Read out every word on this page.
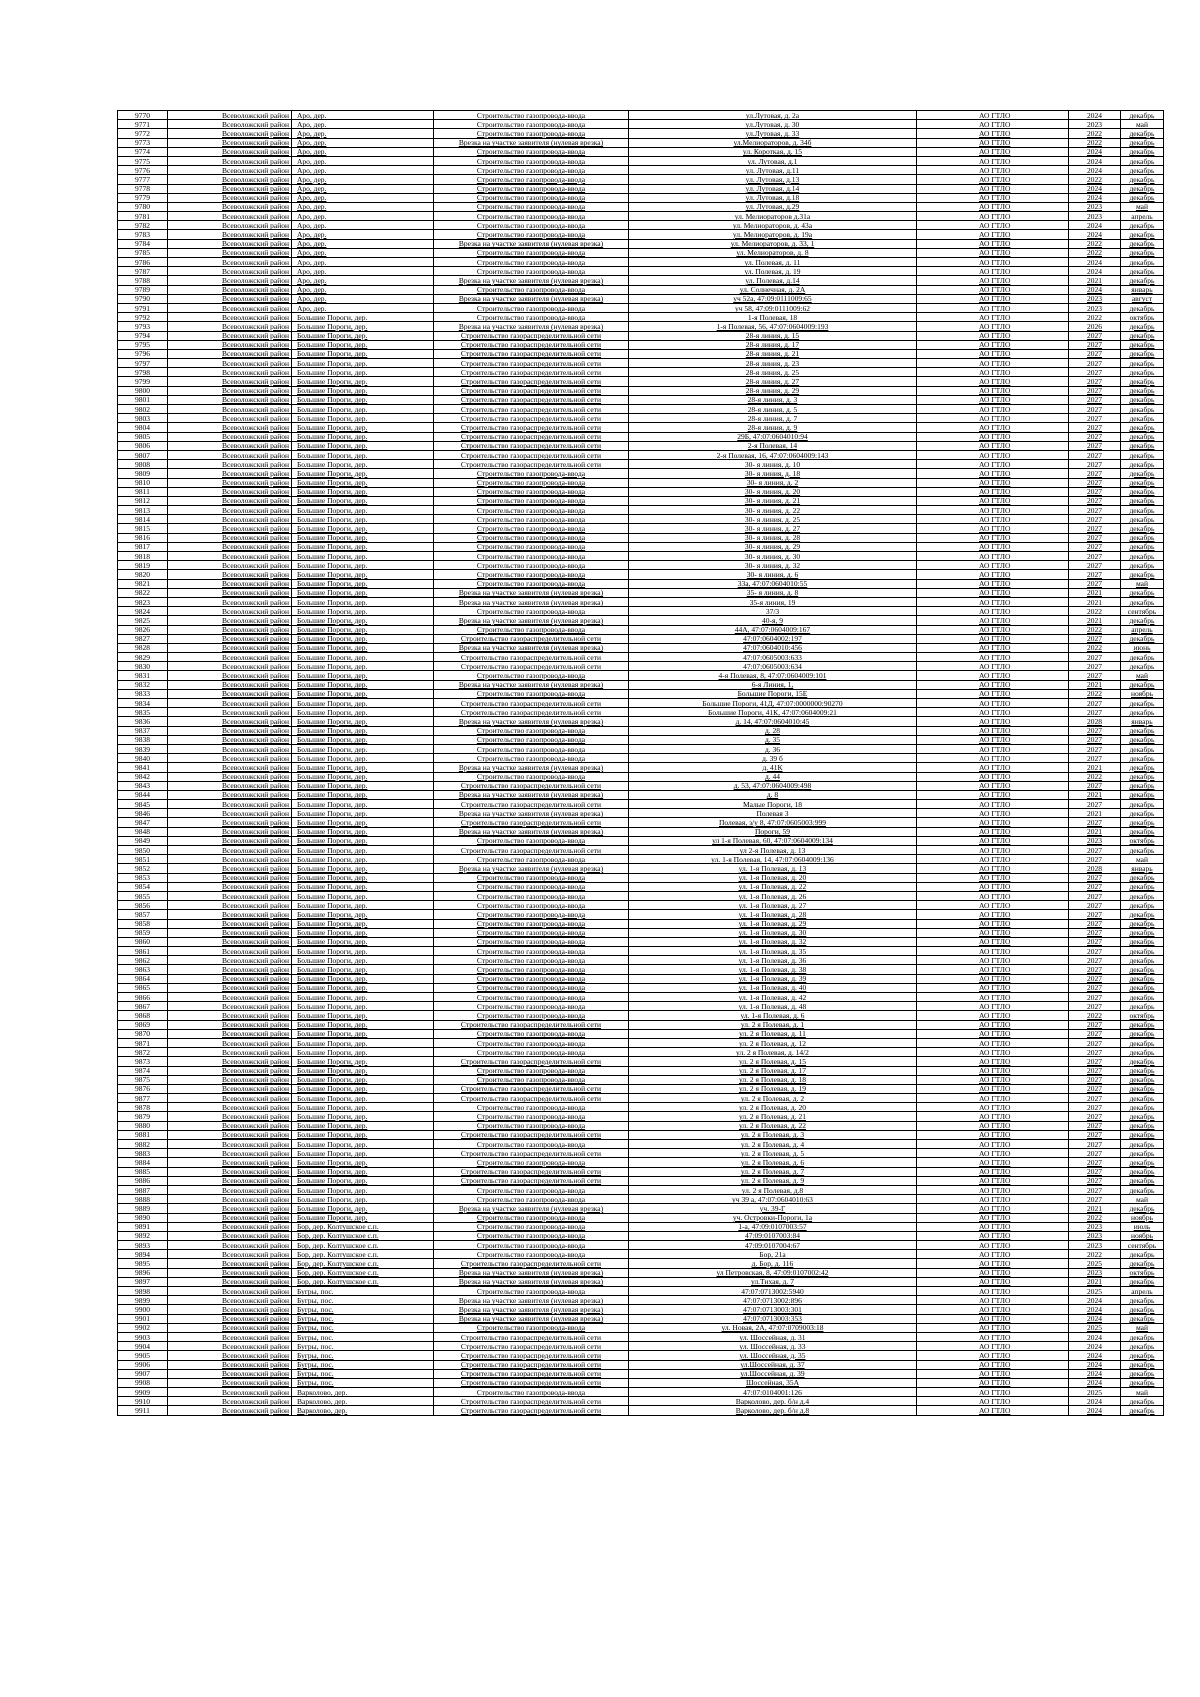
9770	Всеволожский район	Аро, дер.	Строительство газопровода-ввода	ул.Лутовая, д. 2а	АО ГТЛО	2024	декабрь
9771	Всеволожский район	Аро, дер.	Строительство газопровода-ввода	ул.Лутовая, д. 30	АО ГТЛО	2023	май
9772	Всеволожский район	Аро, дер.	Строительство газопровода-ввода	ул.Лутовая, д. 33	АО ГТЛО	2022	декабрь
9773	Всеволожский район	Аро, дер.	Врезка на участке заявителя (нулевая врезка)	ул.Мелиораторов, д. 34б	АО ГТЛО	2022	декабрь
9774	Всеволожский район	Аро, дер.	Строительство газопровода-ввода	ул. Короткая, д. 15	АО ГТЛО	2024	декабрь
9775	Всеволожский район	Аро, дер.	Строительство газопровода-ввода	ул. Лутовая, д.1	АО ГТЛО	2024	декабрь
9776	Всеволожский район	Аро, дер.	Строительство газопровода-ввода	ул. Лутовая, д.11	АО ГТЛО	2024	декабрь
9777	Всеволожский район	Аро, дер.	Строительство газопровода-ввода	ул. Лутовая, д.13	АО ГТЛО	2022	декабрь
9778	Всеволожский район	Аро, дер.	Строительство газопровода-ввода	ул. Лутовая, д.14	АО ГТЛО	2024	декабрь
9779	Всеволожский район	Аро, дер.	Строительство газопровода-ввода	ул. Лутовая, д.18	АО ГТЛО	2024	декабрь
9780	Всеволожский район	Аро, дер.	Строительство газопровода-ввода	ул. Лутовая, д.29	АО ГТЛО	2023	май
9781	Всеволожский район	Аро, дер.	Строительство газопровода-ввода	ул. Мелиораторов д.31а	АО ГТЛО	2023	апрель
9782	Всеволожский район	Аро, дер.	Строительство газопровода-ввода	ул. Мелиораторов, д. 43а	АО ГТЛО	2024	декабрь
9783	Всеволожский район	Аро, дер.	Строительство газопровода-ввода	ул. Мелиораторов, д. 19а	АО ГТЛО	2024	декабрь
9784	Всеволожский район	Аро, дер.	Врезка на участке заявителя (нулевая врезка)	ул. Мелиораторов, д. 33, 1	АО ГТЛО	2022	декабрь
9785	Всеволожский район	Аро, дер.	Строительство газопровода-ввода	ул. Мелиораторов, д. 8	АО ГТЛО	2022	декабрь
9786	Всеволожский район	Аро, дер.	Строительство газопровода-ввода	ул. Полевая, д. 11	АО ГТЛО	2024	декабрь
9787	Всеволожский район	Аро, дер.	Строительство газопровода-ввода	ул. Полевая, д. 19	АО ГТЛО	2024	декабрь
9788	Всеволожский район	Аро, дер.	Врезка на участке заявителя (нулевая врезка)	ул. Полевая, д.14	АО ГТЛО	2021	декабрь
9789	Всеволожский район	Аро, дер.	Строительство газопровода-ввода	ул. Солнечная, д. 2А	АО ГТЛО	2024	январь
9790	Всеволожский район	Аро, дер.	Врезка на участке заявителя (нулевая врезка)	уч 52а, 47:09:0111009:65	АО ГТЛО	2023	август
9791	Всеволожский район	Аро, дер.	Строительство газопровода-ввода	уч 58, 47:09:0111009:62	АО ГТЛО	2023	декабрь
9792	Всеволожский район	Большие Пороги, дер.	Строительство газопровода-ввода	1-я Полевая, 18	АО ГТЛО	2022	октябрь
9793	Всеволожский район	Большие Пороги, дер.	Врезка на участке заявителя (нулевая врезка)	1-я Полевая, 56, 47:07:0604009:193	АО ГТЛО	2026	декабрь
9794	Всеволожский район	Большие Пороги, дер.	Строительство газораспределительной сети	28-я линия, д. 15	АО ГТЛО	2027	декабрь
9795	Всеволожский район	Большие Пороги, дер.	Строительство газораспределительной сети	28-я линия, д. 17	АО ГТЛО	2027	декабрь
9796	Всеволожский район	Большие Пороги, дер.	Строительство газораспределительной сети	28-я линия, д. 21	АО ГТЛО	2027	декабрь
9797	Всеволожский район	Большие Пороги, дер.	Строительство газораспределительной сети	28-я линия, д. 23	АО ГТЛО	2027	декабрь
9798	Всеволожский район	Большие Пороги, дер.	Строительство газораспределительной сети	28-я линия, д. 25	АО ГТЛО	2027	декабрь
9799	Всеволожский район	Большие Пороги, дер.	Строительство газораспределительной сети	28-я линия, д. 27	АО ГТЛО	2027	декабрь
9800	Всеволожский район	Большие Пороги, дер.	Строительство газораспределительной сети	28-я линия, д. 29	АО ГТЛО	2027	декабрь
9801	Всеволожский район	Большие Пороги, дер.	Строительство газораспределительной сети	28-я линия, д. 3	АО ГТЛО	2027	декабрь
9802	Всеволожский район	Большие Пороги, дер.	Строительство газораспределительной сети	28-я линия, д. 5	АО ГТЛО	2027	декабрь
9803	Всеволожский район	Большие Пороги, дер.	Строительство газораспределительной сети	28-я линия, д. 7	АО ГТЛО	2027	декабрь
9804	Всеволожский район	Большие Пороги, дер.	Строительство газораспределительной сети	28-я линия, д. 9	АО ГТЛО	2027	декабрь
9805	Всеволожский район	Большие Пороги, дер.	Строительство газораспределительной сети	29Б, 47:07:0604010:94	АО ГТЛО	2027	декабрь
9806	Всеволожский район	Большие Пороги, дер.	Строительство газораспределительной сети	2-я Полевая, 14	АО ГТЛО	2027	декабрь
9807	Всеволожский район	Большие Пороги, дер.	Строительство газораспределительной сети	2-я Полевая, 16, 47:07:0604009:143	АО ГТЛО	2027	декабрь
9808	Всеволожский район	Большие Пороги, дер.	Строительство газораспределительной сети	30- я линия, д. 10	АО ГТЛО	2027	декабрь
9809	Всеволожский район	Большие Пороги, дер.	Строительство газопровода-ввода	30- я линия, д. 18	АО ГТЛО	2027	декабрь
9810	Всеволожский район	Большие Пороги, дер.	Строительство газопровода-ввода	30- я линия, д. 2	АО ГТЛО	2027	декабрь
9811	Всеволожский район	Большие Пороги, дер.	Строительство газопровода-ввода	30- я линия, д. 20	АО ГТЛО	2027	декабрь
9812	Всеволожский район	Большие Пороги, дер.	Строительство газопровода-ввода	30- я линия, д. 21	АО ГТЛО	2027	декабрь
9813	Всеволожский район	Большие Пороги, дер.	Строительство газопровода-ввода	30- я линия, д. 22	АО ГТЛО	2027	декабрь
9814	Всеволожский район	Большие Пороги, дер.	Строительство газопровода-ввода	30- я линия, д. 25	АО ГТЛО	2027	декабрь
9815	Всеволожский район	Большие Пороги, дер.	Строительство газопровода-ввода	30- я линия, д. 27	АО ГТЛО	2027	декабрь
9816	Всеволожский район	Большие Пороги, дер.	Строительство газопровода-ввода	30- я линия, д. 28	АО ГТЛО	2027	декабрь
9817	Всеволожский район	Большие Пороги, дер.	Строительство газопровода-ввода	30- я линия, д. 29	АО ГТЛО	2027	декабрь
9818	Всеволожский район	Большие Пороги, дер.	Строительство газопровода-ввода	30- я линия, д. 30	АО ГТЛО	2027	декабрь
9819	Всеволожский район	Большие Пороги, дер.	Строительство газопровода-ввода	30- я линия, д. 32	АО ГТЛО	2027	декабрь
9820	Всеволожский район	Большие Пороги, дер.	Строительство газопровода-ввода	30- я линия, д. 6	АО ГТЛО	2027	декабрь
9821	Всеволожский район	Большие Пороги, дер.	Строительство газопровода-ввода	33а, 47:07:0604010:55	АО ГТЛО	2027	май
9822	Всеволожский район	Большие Пороги, дер.	Врезка на участке заявителя (нулевая врезка)	35- я линия, д. 8	АО ГТЛО	2021	декабрь
9823	Всеволожский район	Большие Пороги, дер.	Врезка на участке заявителя (нулевая врезка)	35-я линия, 19	АО ГТЛО	2021	декабрь
9824	Всеволожский район	Большие Пороги, дер.	Строительство газопровода-ввода	37/3	АО ГТЛО	2022	сентябрь
9825	Всеволожский район	Большие Пороги, дер.	Врезка на участке заявителя (нулевая врезка)	40-я, 9	АО ГТЛО	2021	декабрь
9826	Всеволожский район	Большие Пороги, дер.	Строительство газопровода-ввода	44А, 47:07:0604009:167	АО ГТЛО	2022	апрель
9827	Всеволожский район	Большие Пороги, дер.	Строительство газораспределительной сети	47:07:0604002:197	АО ГТЛО	2027	декабрь
9828	Всеволожский район	Большие Пороги, дер.	Врезка на участке заявителя (нулевая врезка)	47:07:0604010:456	АО ГТЛО	2022	июнь
9829	Всеволожский район	Большие Пороги, дер.	Строительство газораспределительной сети	47:07:0605003:633	АО ГТЛО	2027	декабрь
9830	Всеволожский район	Большие Пороги, дер.	Строительство газораспределительной сети	47:07:0605003:634	АО ГТЛО	2027	декабрь
9831	Всеволожский район	Большие Пороги, дер.	Строительство газопровода-ввода	4-я Полевая, 8, 47:07:0604009:101	АО ГТЛО	2027	май
9832	Всеволожский район	Большие Пороги, дер.	Врезка на участке заявителя (нулевая врезка)	6-я Линия, 1,	АО ГТЛО	2021	декабрь
9833	Всеволожский район	Большие Пороги, дер.	Строительство газопровода-ввода	Большие Пороги, 15Е	АО ГТЛО	2022	ноябрь
9834	Всеволожский район	Большие Пороги, дер.	Строительство газораспределительной сети	Большие Пороги, 41Д, 47:07:0000000:90270	АО ГТЛО	2027	декабрь
9835	Всеволожский район	Большие Пороги, дер.	Строительство газораспределительной сети	Большие Пороги, 41К, 47:07:0604009:21	АО ГТЛО	2027	декабрь
9836	Всеволожский район	Большие Пороги, дер.	Врезка на участке заявителя (нулевая врезка)	д. 14, 47:07:0604010:45	АО ГТЛО	2028	январь
9837	Всеволожский район	Большие Пороги, дер.	Строительство газопровода-ввода	д. 28	АО ГТЛО	2027	декабрь
9838	Всеволожский район	Большие Пороги, дер.	Строительство газопровода-ввода	д. 35	АО ГТЛО	2027	декабрь
9839	Всеволожский район	Большие Пороги, дер.	Строительство газопровода-ввода	д. 36	АО ГТЛО	2027	декабрь
9840	Всеволожский район	Большие Пороги, дер.	Строительство газопровода-ввода	д. 39 б	АО ГТЛО	2027	декабрь
9841	Всеволожский район	Большие Пороги, дер.	Врезка на участке заявителя (нулевая врезка)	д. 41К	АО ГТЛО	2021	декабрь
9842	Всеволожский район	Большие Пороги, дер.	Строительство газопровода-ввода	д. 44	АО ГТЛО	2022	декабрь
9843	Всеволожский район	Большие Пороги, дер.	Строительство газораспределительной сети	д. 53, 47:07:0604009:498	АО ГТЛО	2027	декабрь
9844	Всеволожский район	Большие Пороги, дер.	Врезка на участке заявителя (нулевая врезка)	д. 8	АО ГТЛО	2021	декабрь
9845	Всеволожский район	Большие Пороги, дер.	Строительство газораспределительной сети	Малые Пороги, 18	АО ГТЛО	2027	декабрь
9846	Всеволожский район	Большие Пороги, дер.	Врезка на участке заявителя (нулевая врезка)	Полевая 3	АО ГТЛО	2021	декабрь
9847	Всеволожский район	Большие Пороги, дер.	Строительство газораспределительной сети	Полевая, з/у 8, 47:07:0605003:999	АО ГТЛО	2027	декабрь
9848	Всеволожский район	Большие Пороги, дер.	Врезка на участке заявителя (нулевая врезка)	Пороги, 59	АО ГТЛО	2021	декабрь
9849	Всеволожский район	Большие Пороги, дер.	Строительство газопровода-ввода	ул 1-я Полевая, 60, 47:07:0604009:134	АО ГТЛО	2023	октябрь
9850	Всеволожский район	Большие Пороги, дер.	Строительство газораспределительной сети	ул 2-я Полевая, д. 13	АО ГТЛО	2027	декабрь
9851	Всеволожский район	Большие Пороги, дер.	Строительство газопровода-ввода	ул. 1-я Полевая, 14, 47:07:0604009:136	АО ГТЛО	2027	май
9852	Всеволожский район	Большие Пороги, дер.	Врезка на участке заявителя (нулевая врезка)	ул. 1-я Полевая, д. 13	АО ГТЛО	2028	январь
9853	Всеволожский район	Большие Пороги, дер.	Строительство газопровода-ввода	ул. 1-я Полевая, д. 20	АО ГТЛО	2027	декабрь
9854	Всеволожский район	Большие Пороги, дер.	Строительство газопровода-ввода	ул. 1-я Полевая, д. 22	АО ГТЛО	2027	декабрь
9855	Всеволожский район	Большие Пороги, дер.	Строительство газопровода-ввода	ул. 1-я Полевая, д. 26	АО ГТЛО	2027	декабрь
9856	Всеволожский район	Большие Пороги, дер.	Строительство газопровода-ввода	ул. 1-я Полевая, д. 27	АО ГТЛО	2027	декабрь
9857	Всеволожский район	Большие Пороги, дер.	Строительство газопровода-ввода	ул. 1-я Полевая, д. 28	АО ГТЛО	2027	декабрь
9858	Всеволожский район	Большие Пороги, дер.	Строительство газопровода-ввода	ул. 1-я Полевая, д. 29	АО ГТЛО	2027	декабрь
9859	Всеволожский район	Большие Пороги, дер.	Строительство газопровода-ввода	ул. 1-я Полевая, д. 30	АО ГТЛО	2027	декабрь
9860	Всеволожский район	Большие Пороги, дер.	Строительство газопровода-ввода	ул. 1-я Полевая, д. 32	АО ГТЛО	2027	декабрь
9861	Всеволожский район	Большие Пороги, дер.	Строительство газопровода-ввода	ул. 1-я Полевая, д. 35	АО ГТЛО	2027	декабрь
9862	Всеволожский район	Большие Пороги, дер.	Строительство газопровода-ввода	ул. 1-я Полевая, д. 36	АО ГТЛО	2027	декабрь
9863	Всеволожский район	Большие Пороги, дер.	Строительство газопровода-ввода	ул. 1-я Полевая, д. 38	АО ГТЛО	2027	декабрь
9864	Всеволожский район	Большие Пороги, дер.	Строительство газопровода-ввода	ул. 1-я Полевая, д. 39	АО ГТЛО	2027	декабрь
9865	Всеволожский район	Большие Пороги, дер.	Строительство газопровода-ввода	ул. 1-я Полевая, д. 40	АО ГТЛО	2027	декабрь
9866	Всеволожский район	Большие Пороги, дер.	Строительство газопровода-ввода	ул. 1-я Полевая, д. 42	АО ГТЛО	2027	декабрь
9867	Всеволожский район	Большие Пороги, дер.	Строительство газопровода-ввода	ул. 1-я Полевая, д. 48	АО ГТЛО	2027	декабрь
9868	Всеволожский район	Большие Пороги, дер.	Строительство газопровода-ввода	ул. 1-я Полевая, д. 6	АО ГТЛО	2022	октябрь
9869	Всеволожский район	Большие Пороги, дер.	Строительство газораспределительной сети	ул. 2 я Полевая, д. 1	АО ГТЛО	2027	декабрь
9870	Всеволожский район	Большие Пороги, дер.	Строительство газопровода-ввода	ул. 2 я Полевая, д. 11	АО ГТЛО	2027	декабрь
9871	Всеволожский район	Большие Пороги, дер.	Строительство газопровода-ввода	ул. 2 я Полевая, д. 12	АО ГТЛО	2027	декабрь
9872	Всеволожский район	Большие Пороги, дер.	Строительство газопровода-ввода	ул. 2 я Полевая, д. 14/2	АО ГТЛО	2027	декабрь
9873	Всеволожский район	Большие Пороги, дер.	Строительство газораспределительной сети	ул. 2 я Полевая, д. 15	АО ГТЛО	2027	декабрь
9874	Всеволожский район	Большие Пороги, дер.	Строительство газопровода-ввода	ул. 2 я Полевая, д. 17	АО ГТЛО	2027	декабрь
9875	Всеволожский район	Большие Пороги, дер.	Строительство газопровода-ввода	ул. 2 я Полевая, д. 18	АО ГТЛО	2027	декабрь
9876	Всеволожский район	Большие Пороги, дер.	Строительство газораспределительной сети	ул. 2 я Полевая, д. 19	АО ГТЛО	2027	декабрь
9877	Всеволожский район	Большие Пороги, дер.	Строительство газораспределительной сети	ул. 2 я Полевая, д. 2	АО ГТЛО	2027	декабрь
9878	Всеволожский район	Большие Пороги, дер.	Строительство газопровода-ввода	ул. 2 я Полевая, д. 20	АО ГТЛО	2027	декабрь
9879	Всеволожский район	Большие Пороги, дер.	Строительство газопровода-ввода	ул. 2 я Полевая, д. 21	АО ГТЛО	2027	декабрь
9880	Всеволожский район	Большие Пороги, дер.	Строительство газопровода-ввода	ул. 2 я Полевая, д. 22	АО ГТЛО	2027	декабрь
9881	Всеволожский район	Большие Пороги, дер.	Строительство газораспределительной сети	ул. 2 я Полевая, д. 3	АО ГТЛО	2027	декабрь
9882	Всеволожский район	Большие Пороги, дер.	Строительство газопровода-ввода	ул. 2 я Полевая, д. 4	АО ГТЛО	2027	декабрь
9883	Всеволожский район	Большие Пороги, дер.	Строительство газораспределительной сети	ул. 2 я Полевая, д. 5	АО ГТЛО	2027	декабрь
9884	Всеволожский район	Большие Пороги, дер.	Строительство газопровода-ввода	ул. 2 я Полевая, д. 6	АО ГТЛО	2027	декабрь
9885	Всеволожский район	Большие Пороги, дер.	Строительство газораспределительной сети	ул. 2 я Полевая, д. 7	АО ГТЛО	2027	декабрь
9886	Всеволожский район	Большие Пороги, дер.	Строительство газораспределительной сети	ул. 2 я Полевая, д. 9	АО ГТЛО	2027	декабрь
9887	Всеволожский район	Большие Пороги, дер.	Строительство газопровода-ввода	ул. 2 я Полевая, д.8	АО ГТЛО	2027	декабрь
9888	Всеволожский район	Большие Пороги, дер.	Строительство газопровода-ввода	уч 39 а, 47:07:0604010:63	АО ГТЛО	2027	май
9889	Всеволожский район	Большие Пороги, дер.	Врезка на участке заявителя (нулевая врезка)	уч. 39-Г	АО ГТЛО	2021	декабрь
9890	Всеволожский район	Большие Пороги, дер.	Строительство газопровода-ввода	уч. Островки-Пороги, 1а	АО ГТЛО	2022	ноябрь
9891	Всеволожский район	Бор, дер. Колтушское с.п.	Строительство газопровода-ввода	1-а, 47:09:0107003:57	АО ГТЛО	2023	июль
9892	Всеволожский район	Бор, дер. Колтушское с.п.	Строительство газопровода-ввода	47:09:0107003:84	АО ГТЛО	2023	ноябрь
9893	Всеволожский район	Бор, дер. Колтушское с.п.	Строительство газопровода-ввода	47:09:0107004:67	АО ГТЛО	2023	сентябрь
9894	Всеволожский район	Бор, дер. Колтушское с.п.	Строительство газопровода-ввода	Бор, 21а	АО ГТЛО	2022	декабрь
9895	Всеволожский район	Бор, дер. Колтушское с.п.	Строительство газораспределительной сети	д. Бор, д. 116	АО ГТЛО	2025	декабрь
9896	Всеволожский район	Бор, дер. Колтушское с.п.	Врезка на участке заявителя (нулевая врезка)	ул Петровская, 8, 47:09:0107002:42	АО ГТЛО	2023	октябрь
9897	Всеволожский район	Бор, дер. Колтушское с.п.	Врезка на участке заявителя (нулевая врезка)	ул.Тихая, д. 7	АО ГТЛО	2021	декабрь
9898	Всеволожский район	Бугры, пос.	Строительство газопровода-ввода	47:07:0713002:5940	АО ГТЛО	2025	апрель
9899	Всеволожский район	Бугры, пос.	Врезка на участке заявителя (нулевая врезка)	47:07:0713002:896	АО ГТЛО	2024	декабрь
9900	Всеволожский район	Бугры, пос.	Врезка на участке заявителя (нулевая врезка)	47:07:0713003:301	АО ГТЛО	2024	декабрь
9901	Всеволожский район	Бугры, пос.	Врезка на участке заявителя (нулевая врезка)	47:07:0713003:353	АО ГТЛО	2024	декабрь
9902	Всеволожский район	Бугры, пос.	Строительство газопровода-ввода	ул. Новая, 2А, 47:07:0709003:18	АО ГТЛО	2025	май
9903	Всеволожский район	Бугры, пос.	Строительство газораспределительной сети	ул. Шоссейная, д. 31	АО ГТЛО	2024	декабрь
9904	Всеволожский район	Бугры, пос.	Строительство газораспределительной сети	ул. Шоссейная, д. 33	АО ГТЛО	2024	декабрь
9905	Всеволожский район	Бугры, пос.	Строительство газораспределительной сети	ул. Шоссейная, д. 35	АО ГТЛО	2024	декабрь
9906	Всеволожский район	Бугры, пос.	Строительство газораспределительной сети	ул.Шоссейная, д. 37	АО ГТЛО	2024	декабрь
9907	Всеволожский район	Бугры, пос.	Строительство газораспределительной сети	ул.Шоссейная, д. 39	АО ГТЛО	2024	декабрь
9908	Всеволожский район	Бугры, пос.	Строительство газораспределительной сети	Шоссейная, 35А	АО ГТЛО	2024	декабрь
9909	Всеволожский район	Варколово, дер.	Строительство газопровода-ввода	47:07:0104001:126	АО ГТЛО	2025	май
9910	Всеволожский район	Варколово, дер.	Строительство газораспределительной сети	Варколово, дер. б/н д.4	АО ГТЛО	2024	декабрь
9911	Всеволожский район	Варколово, дер.	Строительство газораспределительной сети	Варколово, дер. б/н д.8	АО ГТЛО	2024	декабрь
